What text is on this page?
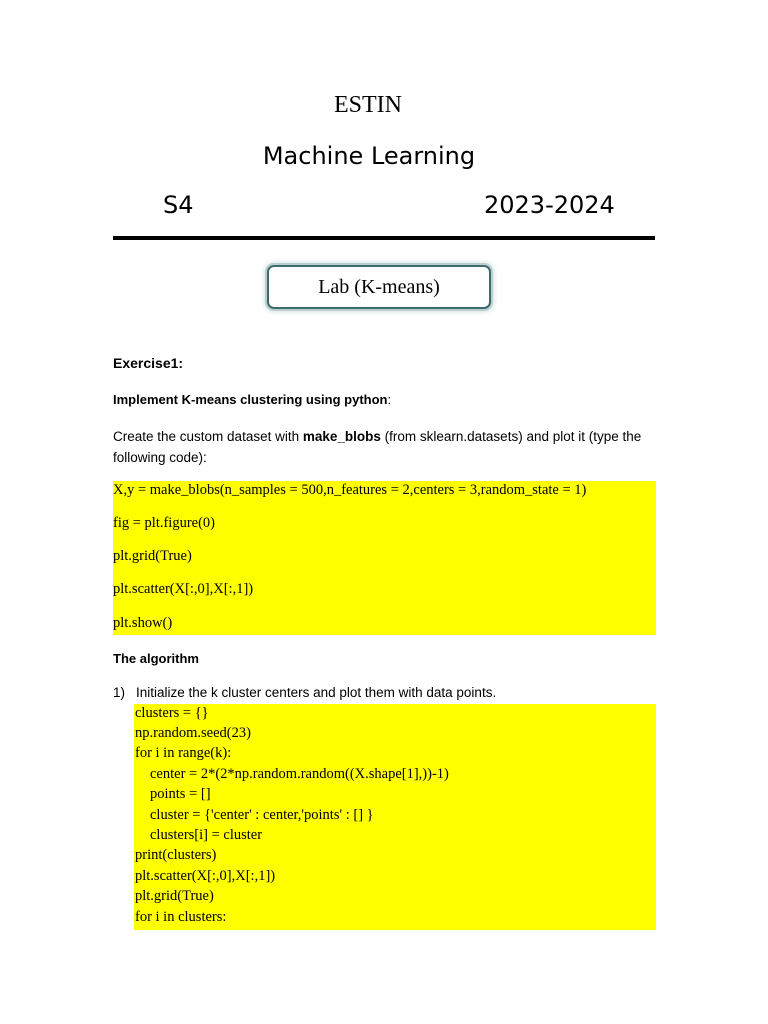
ESTIN
Machine Learning
S4	2023-2024
Lab (K-means)
Exercise1:
Implement K-means clustering using python:
Create the custom dataset with make_blobs (from sklearn.datasets) and plot it (type the following code):
X,y = make_blobs(n_samples = 500,n_features = 2,centers = 3,random_state = 1)
fig = plt.figure(0)
plt.grid(True)
plt.scatter(X[:,0],X[:,1])
plt.show()
The algorithm
1) Initialize the k cluster centers and plot them with data points.
clusters = {}
np.random.seed(23)
for i in range(k):
center = 2*(2*np.random.random((X.shape[1],))-1)
points = []
cluster = {'center' : center,'points' : [] }
clusters[i] = cluster
print(clusters)
plt.scatter(X[:,0],X[:,1])
plt.grid(True)
for i in clusters:
